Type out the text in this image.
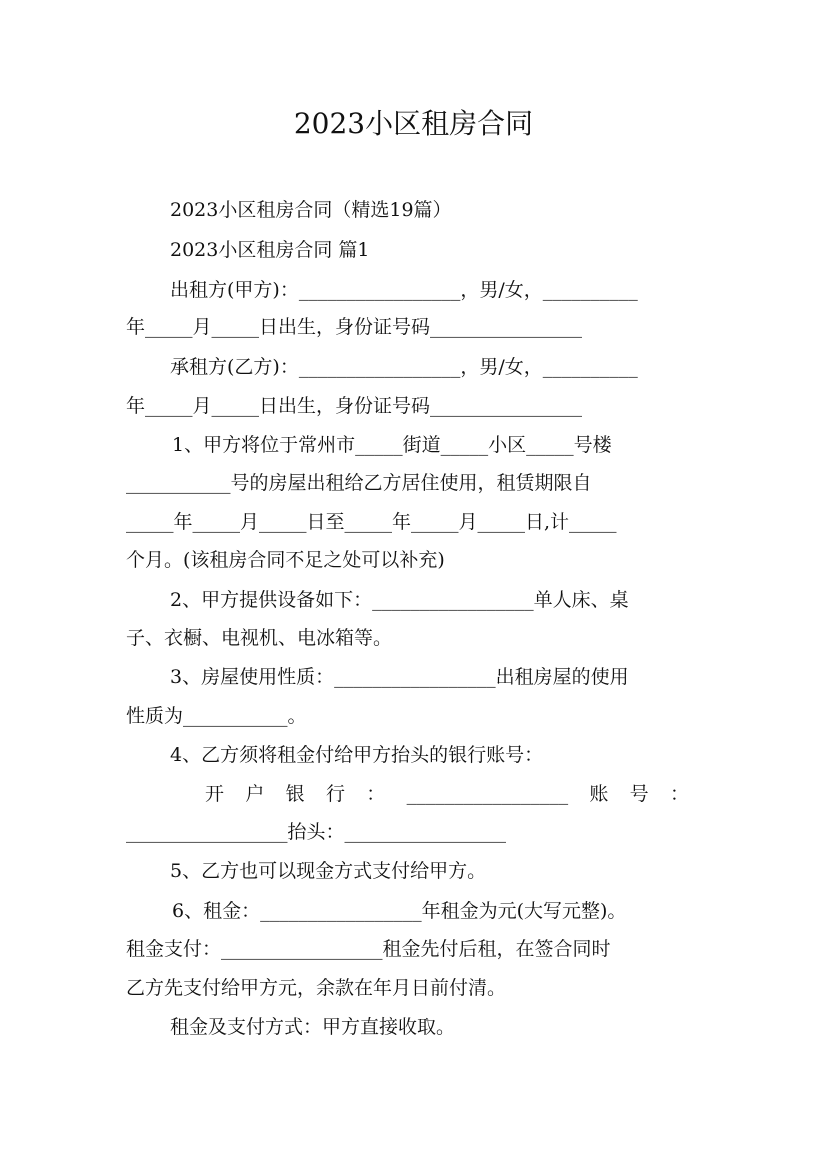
2023小区租房合同
2023小区租房合同（精选19篇）
2023小区租房合同 篇1
出租方(甲方)：_________________，男/女，__________
年_____月_____日出生，身份证号码________________
承租方(乙方)：_________________，男/女，__________
年_____月_____日出生，身份证号码________________
1、甲方将位于常州市_____街道_____小区_____号楼
___________号的房屋出租给乙方居住使用，租赁期限自
_____年_____月_____日至_____年_____月_____日,计_____
个月。(该租房合同不足之处可以补充)
2、甲方提供设备如下：_________________单人床、桌
子、衣橱、电视机、电冰箱等。
3、房屋使用性质：_________________出租房屋的使用
性质为___________。
4、乙方须将租金付给甲方抬头的银行账号：
开 户 银 行 ： _________________ 账 号 ：
_________________抬头：_________________
5、乙方也可以现金方式支付给甲方。
6、租金：_________________年租金为元(大写元整)。
租金支付：_________________租金先付后租，在签合同时
乙方先支付给甲方元，余款在年月日前付清。
租金及支付方式：甲方直接收取。
